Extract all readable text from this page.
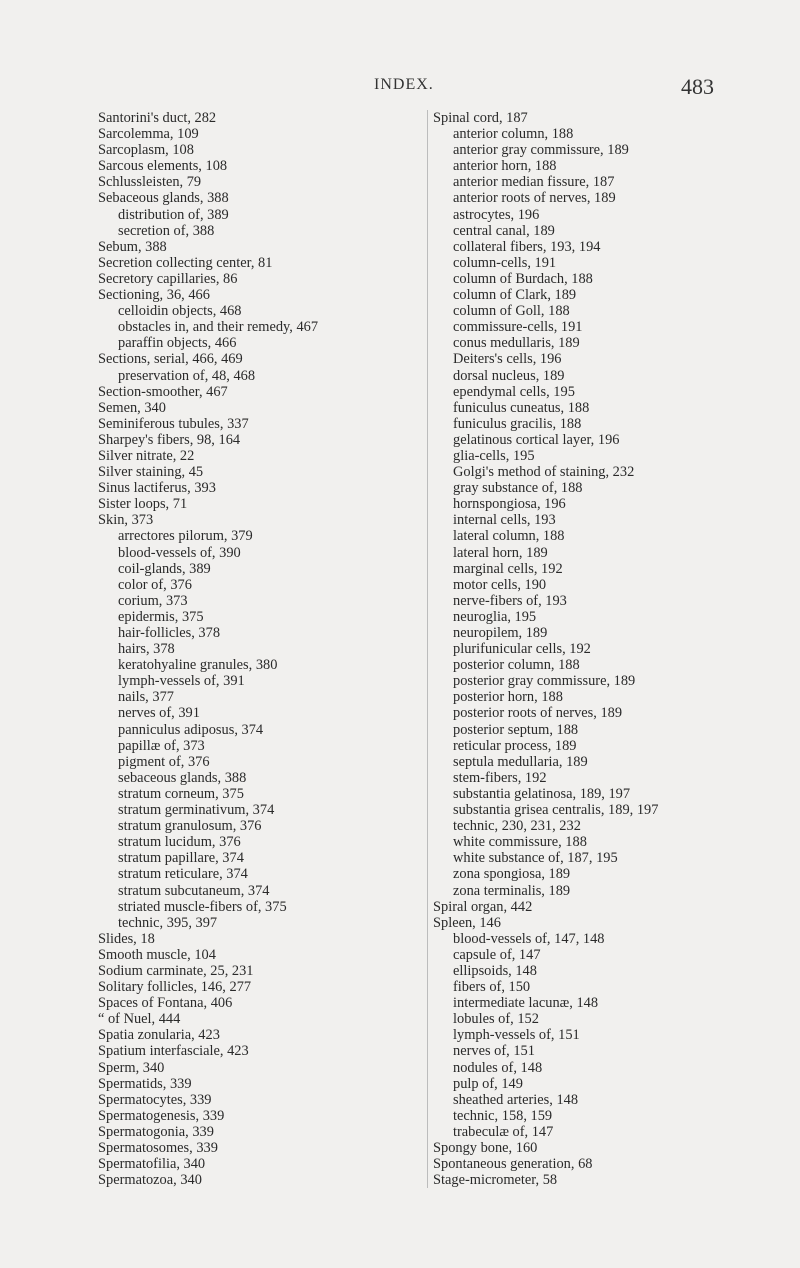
INDEX.	483
Santorini's duct, 282
Sarcolemma, 109
Sarcoplasm, 108
Sarcous elements, 108
Schlussleisten, 79
Sebaceous glands, 388
distribution of, 389
secretion of, 388
Sebum, 388
Secretion collecting center, 81
Secretory capillaries, 86
Sectioning, 36, 466
celloidin objects, 468
obstacles in, and their remedy, 467
paraffin objects, 466
Sections, serial, 466, 469
preservation of, 48, 468
Section-smoother, 467
Semen, 340
Seminiferous tubules, 337
Sharpey's fibers, 98, 164
Silver nitrate, 22
Silver staining, 45
Sinus lactiferus, 393
Sister loops, 71
Skin, 373
arrectores pilorum, 379
blood-vessels of, 390
coil-glands, 389
color of, 376
corium, 373
epidermis, 375
hair-follicles, 378
hairs, 378
keratohyaline granules, 380
lymph-vessels of, 391
nails, 377
nerves of, 391
panniculus adiposus, 374
papillæ of, 373
pigment of, 376
sebaceous glands, 388
stratum corneum, 375
stratum germinativum, 374
stratum granulosum, 376
stratum lucidum, 376
stratum papillare, 374
stratum reticulare, 374
stratum subcutaneum, 374
striated muscle-fibers of, 375
technic, 395, 397
Slides, 18
Smooth muscle, 104
Sodium carminate, 25, 231
Solitary follicles, 146, 277
Spaces of Fontana, 406
“ of Nuel, 444
Spatia zonularia, 423
Spatium interfasciale, 423
Sperm, 340
Spermatids, 339
Spermatocytes, 339
Spermatogenesis, 339
Spermatogonia, 339
Spermatosomes, 339
Spermatofilia, 340
Spermatozoa, 340
Spinal cord, 187
anterior column, 188
anterior gray commissure, 189
anterior horn, 188
anterior median fissure, 187
anterior roots of nerves, 189
astrocytes, 196
central canal, 189
collateral fibers, 193, 194
column-cells, 191
column of Burdach, 188
column of Clark, 189
column of Goll, 188
commissure-cells, 191
conus medullaris, 189
Deiters's cells, 196
dorsal nucleus, 189
ependymal cells, 195
funiculus cuneatus, 188
funiculus gracilis, 188
gelatinous cortical layer, 196
glia-cells, 195
Golgi's method of staining, 232
gray substance of, 188
hornspongiosa, 196
internal cells, 193
lateral column, 188
lateral horn, 189
marginal cells, 192
motor cells, 190
nerve-fibers of, 193
neuroglia, 195
neuropilem, 189
plurifunicular cells, 192
posterior column, 188
posterior gray commissure, 189
posterior horn, 188
posterior roots of nerves, 189
posterior septum, 188
reticular process, 189
septula medullaria, 189
stem-fibers, 192
substantia gelatinosa, 189, 197
substantia grisea centralis, 189, 197
technic, 230, 231, 232
white commissure, 188
white substance of, 187, 195
zona spongiosa, 189
zona terminalis, 189
Spiral organ, 442
Spleen, 146
blood-vessels of, 147, 148
capsule of, 147
ellipsoids, 148
fibers of, 150
intermediate lacunæ, 148
lobules of, 152
lymph-vessels of, 151
nerves of, 151
nodules of, 148
pulp of, 149
sheathed arteries, 148
technic, 158, 159
trabeculæ of, 147
Spongy bone, 160
Spontaneous generation, 68
Stage-micrometer, 58
